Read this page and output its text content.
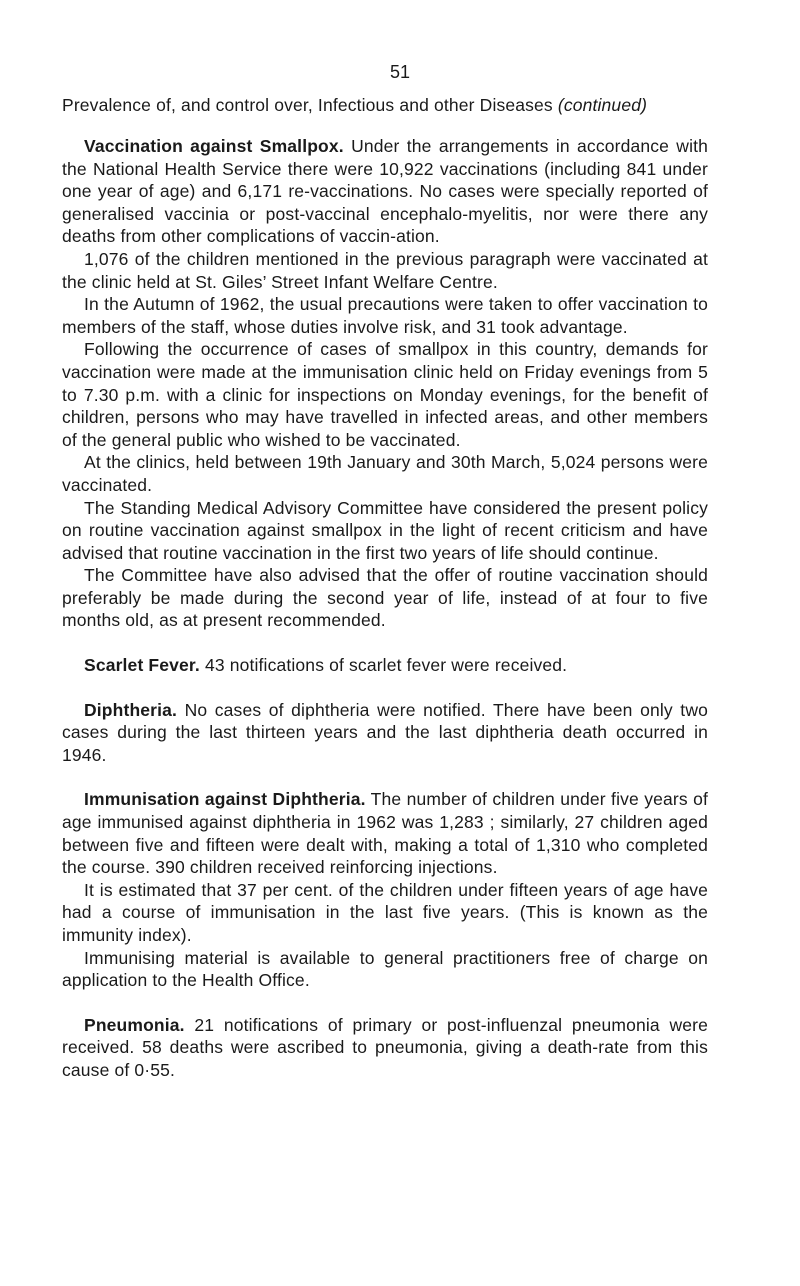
51
Prevalence of, and control over, Infectious and other Diseases (continued)

Vaccination against Smallpox. Under the arrangements in accordance with the National Health Service there were 10,922 vaccinations (including 841 under one year of age) and 6,171 re-vaccinations. No cases were specially reported of generalised vaccinia or post-vaccinal encephalo-myelitis, nor were there any deaths from other complications of vaccin-ation.

1,076 of the children mentioned in the previous paragraph were vaccinated at the clinic held at St. Giles’ Street Infant Welfare Centre.

In the Autumn of 1962, the usual precautions were taken to offer vaccination to members of the staff, whose duties involve risk, and 31 took advantage.

Following the occurrence of cases of smallpox in this country, demands for vaccination were made at the immunisation clinic held on Friday evenings from 5 to 7.30 p.m. with a clinic for inspections on Monday evenings, for the benefit of children, persons who may have travelled in infected areas, and other members of the general public who wished to be vaccinated.

At the clinics, held between 19th January and 30th March, 5,024 persons were vaccinated.

The Standing Medical Advisory Committee have considered the present policy on routine vaccination against smallpox in the light of recent criticism and have advised that routine vaccination in the first two years of life should continue.

The Committee have also advised that the offer of routine vaccination should preferably be made during the second year of life, instead of at four to five months old, as at present recommended.

Scarlet Fever. 43 notifications of scarlet fever were received.

Diphtheria. No cases of diphtheria were notified. There have been only two cases during the last thirteen years and the last diphtheria death occurred in 1946.

Immunisation against Diphtheria. The number of children under five years of age immunised against diphtheria in 1962 was 1,283 ; similarly, 27 children aged between five and fifteen were dealt with, making a total of 1,310 who completed the course. 390 children received reinforcing injections.

It is estimated that 37 per cent. of the children under fifteen years of age have had a course of immunisation in the last five years. (This is known as the immunity index).

Immunising material is available to general practitioners free of charge on application to the Health Office.

Pneumonia. 21 notifications of primary or post-influenzal pneumonia were received. 58 deaths were ascribed to pneumonia, giving a death-rate from this cause of 0·55.
